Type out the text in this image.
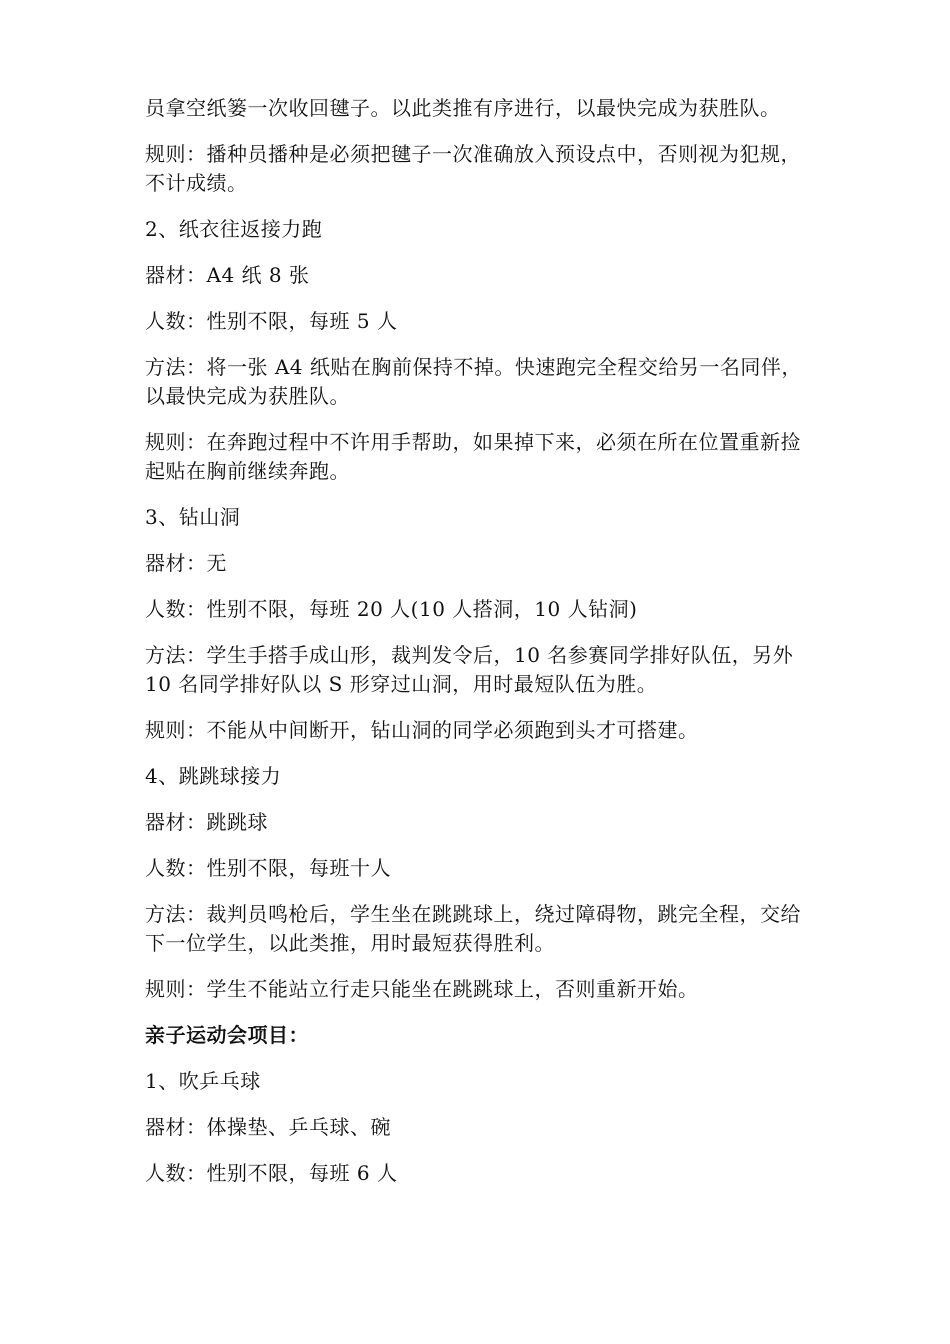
员拿空纸篓一次收回毽子。以此类推有序进行，以最快完成为获胜队。

规则：播种员播种是必须把毽子一次准确放入预设点中，否则视为犯规，不计成绩。

2、纸衣往返接力跑

器材：A4 纸 8 张

人数：性别不限，每班 5 人

方法：将一张 A4 纸贴在胸前保持不掉。快速跑完全程交给另一名同伴，以最快完成为获胜队。

规则：在奔跑过程中不许用手帮助，如果掉下来，必须在所在位置重新捡起贴在胸前继续奔跑。

3、钻山洞

器材：无

人数：性别不限，每班 20 人(10 人搭洞，10 人钻洞)

方法：学生手搭手成山形，裁判发令后，10 名参赛同学排好队伍，另外 10 名同学排好队以 S 形穿过山洞，用时最短队伍为胜。

规则：不能从中间断开，钻山洞的同学必须跑到头才可搭建。

4、跳跳球接力

器材：跳跳球

人数：性别不限，每班十人

方法：裁判员鸣枪后，学生坐在跳跳球上，绕过障碍物，跳完全程，交给下一位学生，以此类推，用时最短获得胜利。

规则：学生不能站立行走只能坐在跳跳球上，否则重新开始。

亲子运动会项目：

1、吹乒乓球

器材：体操垫、乒乓球、碗

人数：性别不限，每班 6 人
